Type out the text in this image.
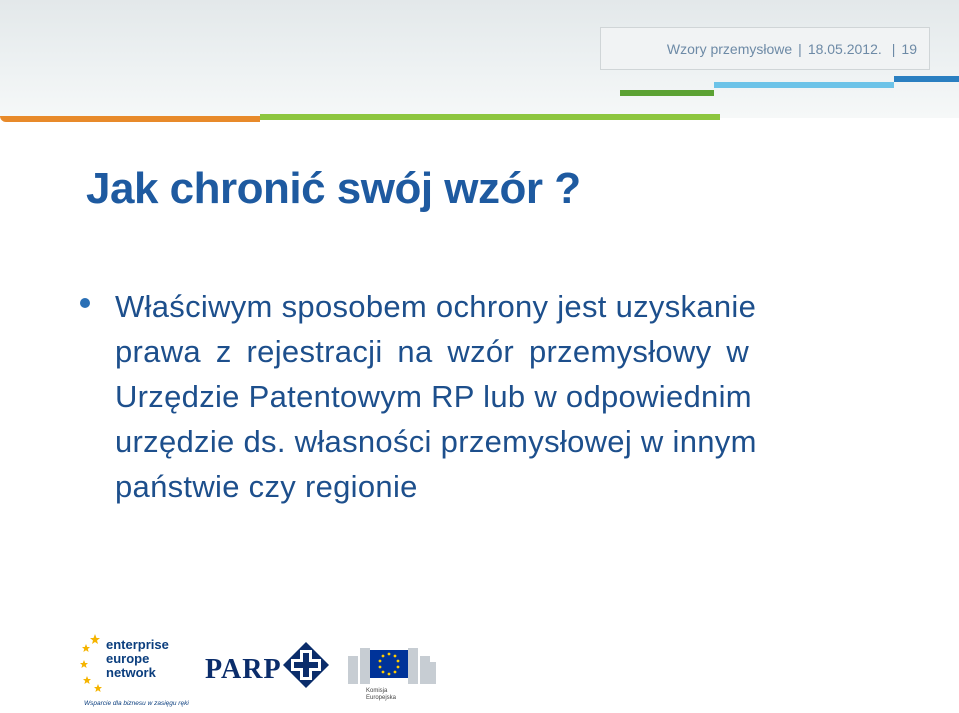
Wzory przemysłowe | 18.05.2012. | 19
Jak chronić swój wzór ?
Właściwym sposobem ochrony jest uzyskanie
prawa z rejestracji na wzór przemysłowy w
Urzędzie Patentowym RP lub w odpowiednim
urzędzie ds. własności przemysłowej w innym
państwie czy regionie
enterprise
europe
network
Wsparcie dla biznesu w zasięgu ręki
PARP
Komisja
Europejska
